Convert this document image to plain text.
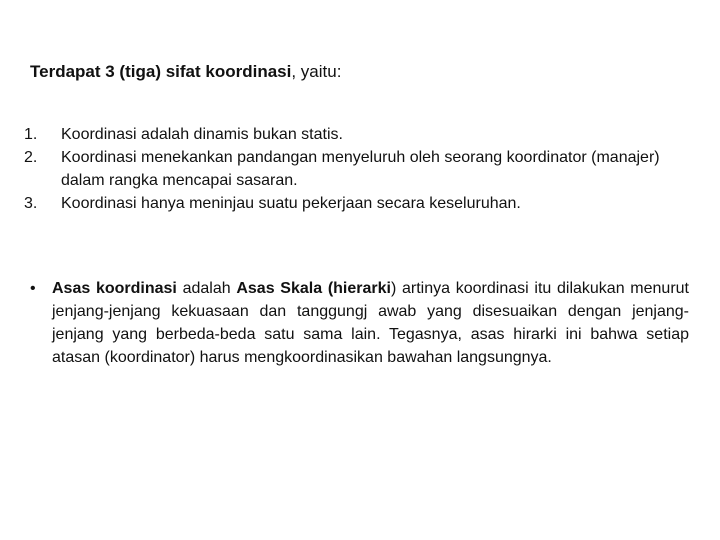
Terdapat 3 (tiga) sifat koordinasi, yaitu:
1. Koordinasi adalah dinamis bukan statis.
2. Koordinasi menekankan pandangan menyeluruh oleh seorang koordinator (manajer) dalam rangka mencapai sasaran.
3. Koordinasi hanya meninjau suatu pekerjaan secara keseluruhan.
• Asas koordinasi adalah Asas Skala (hierarki) artinya koordinasi itu dilakukan menurut jenjang-jenjang kekuasaan dan tanggungj awab yang disesuaikan dengan jenjang-jenjang yang berbeda-beda satu sama lain. Tegasnya, asas hirarki ini bahwa setiap atasan (koordinator) harus mengkoordinasikan bawahan langsungnya.
